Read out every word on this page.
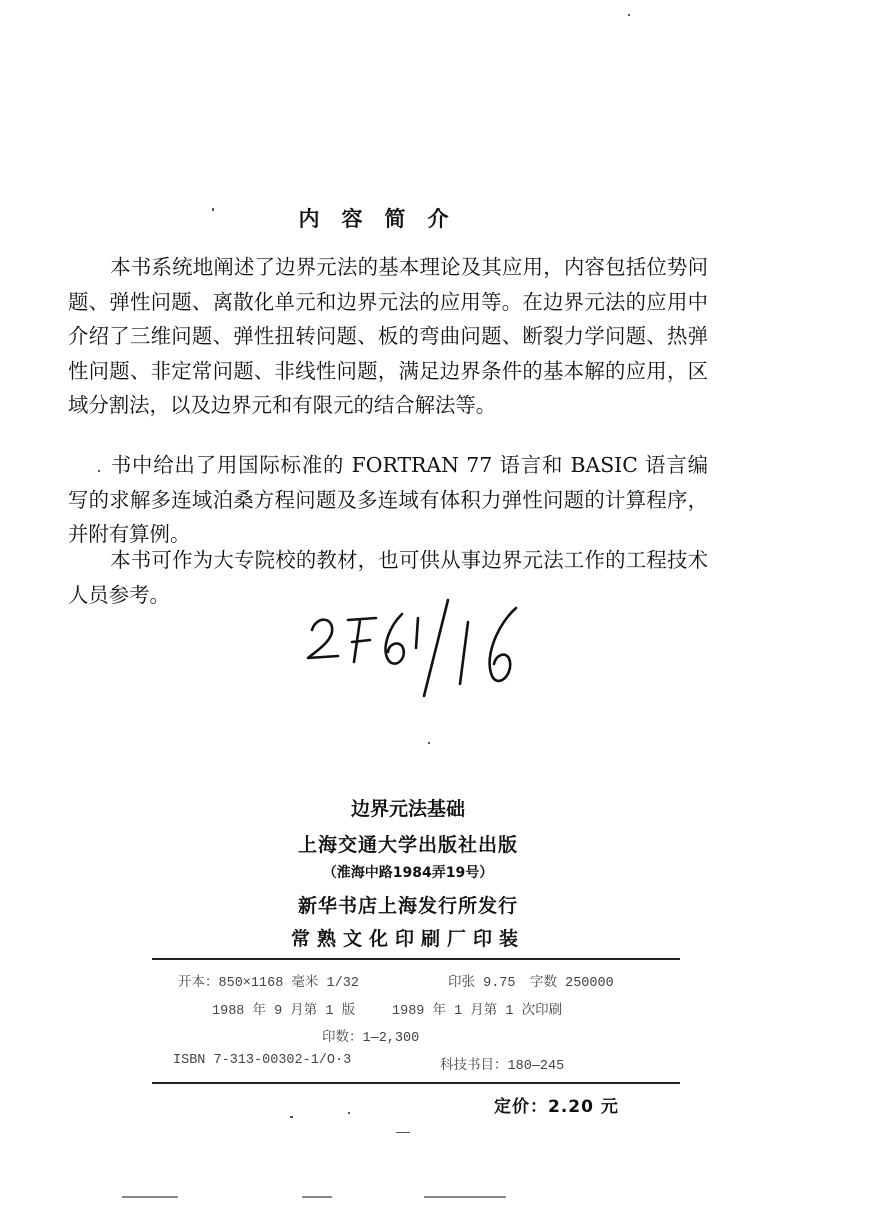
内容简介

本书系统地阐述了边界元法的基本理论及其应用，内容包括位势问题、弹性问题、离散化单元和边界元法的应用等。在边界元法的应用中介绍了三维问题、弹性扭转问题、板的弯曲问题、断裂力学问题、热弹性问题、非定常问题、非线性问题，满足边界条件的基本解的应用，区域分割法，以及边界元和有限元的结合解法等。

书中给出了用国际标准的 FORTRAN 77 语言和 BASIC 语言编写的求解多连域泊桑方程问题及多连域有体积力弹性问题的计算程序，并附有算例。

本书可作为大专院校的教材，也可供从事边界元法工作的工程技术人员参考。

边界元法基础
上海交通大学出版社出版
（淮海中路1984弄19号）
新华书店上海发行所发行
常熟文化印刷厂印装
开本：850×1168 毫米 1/32	印张 9.75 字数 250000
1988 年 9 月第 1 版	1989 年 1 月第 1 次印刷
印数：1—2,300
ISBN 7-313-00302-1/O·3	科技书目：180—245
定价：2.20 元
